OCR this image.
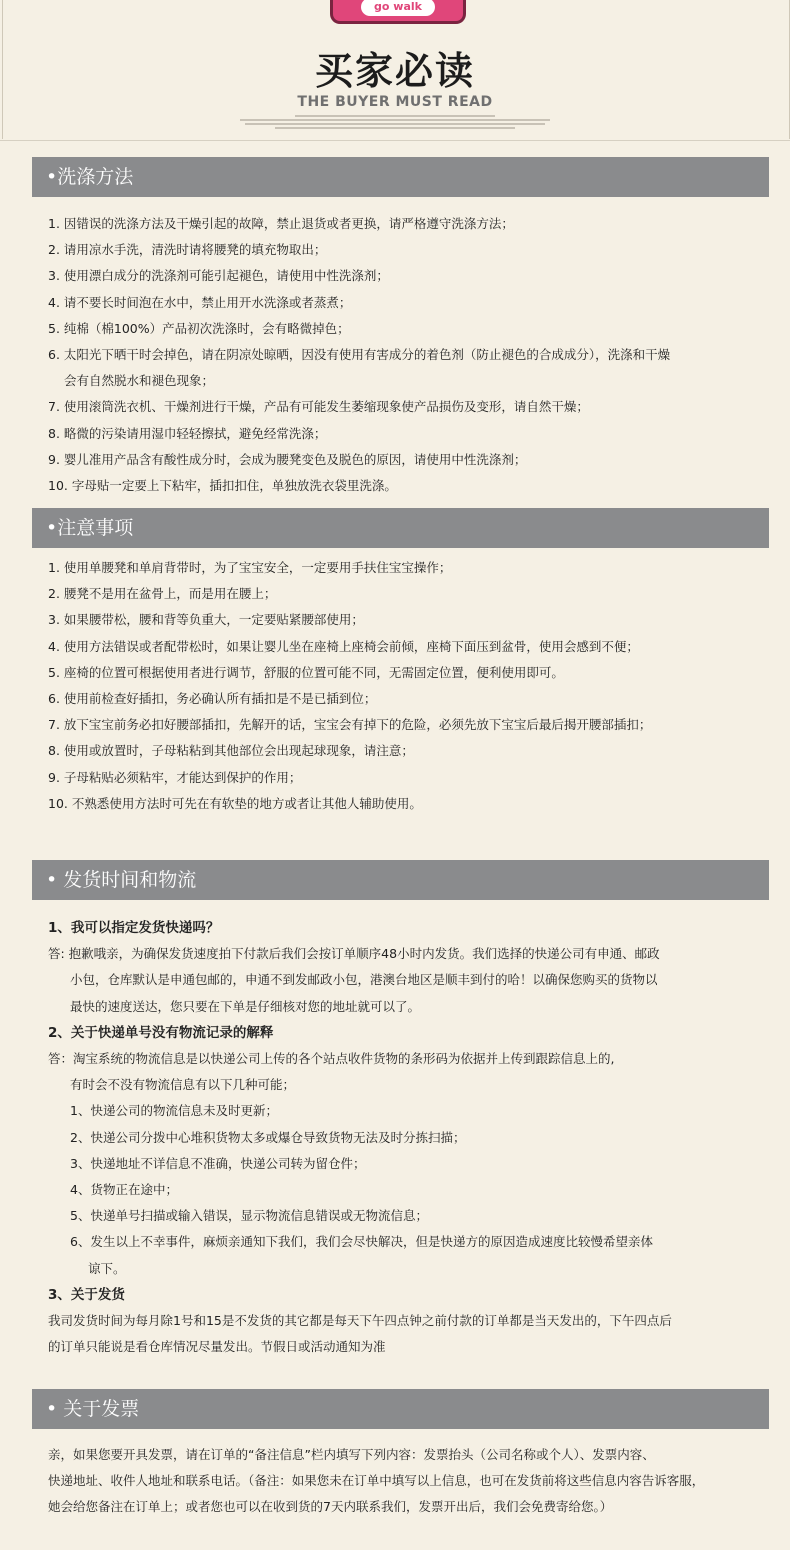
go walk
买家必读
THE BUYER MUST READ
•洗涤方法
1. 因错误的洗涤方法及干燥引起的故障，禁止退货或者更换，请严格遵守洗涤方法；
2. 请用凉水手洗，清洗时请将腰凳的填充物取出；
3. 使用漂白成分的洗涤剂可能引起褪色，请使用中性洗涤剂；
4. 请不要长时间泡在水中，禁止用开水洗涤或者蒸煮；
5. 纯棉（棉100%）产品初次洗涤时，会有略微掉色；
6. 太阳光下晒干时会掉色，请在阴凉处晾晒，因没有使用有害成分的着色剂（防止褪色的合成成分），洗涤和干燥
会有自然脱水和褪色现象；
7. 使用滚筒洗衣机、干燥剂进行干燥，产品有可能发生萎缩现象使产品损伤及变形，请自然干燥；
8. 略微的污染请用湿巾轻轻擦拭，避免经常洗涤；
9. 婴儿准用产品含有酸性成分时，会成为腰凳变色及脱色的原因，请使用中性洗涤剂；
10. 字母贴一定要上下粘牢，插扣扣住，单独放洗衣袋里洗涤。
•注意事项
1. 使用单腰凳和单肩背带时，为了宝宝安全，一定要用手扶住宝宝操作；
2. 腰凳不是用在盆骨上，而是用在腰上；
3. 如果腰带松，腰和背等负重大，一定要贴紧腰部使用；
4. 使用方法错误或者配带松时，如果让婴儿坐在座椅上座椅会前倾，座椅下面压到盆骨，使用会感到不便；
5. 座椅的位置可根据使用者进行调节，舒服的位置可能不同，无需固定位置，便利使用即可。
6. 使用前检查好插扣，务必确认所有插扣是不是已插到位；
7. 放下宝宝前务必扣好腰部插扣，先解开的话，宝宝会有掉下的危险，必须先放下宝宝后最后揭开腰部插扣；
8. 使用或放置时，子母粘粘到其他部位会出现起球现象，请注意；
9. 子母粘贴必须粘牢，才能达到保护的作用；
10. 不熟悉使用方法时可先在有软垫的地方或者让其他人辅助使用。
• 发货时间和物流

1、我可以指定发货快递吗？

答: 抱歉哦亲，为确保发货速度拍下付款后我们会按订单顺序48小时内发货。我们选择的快递公司有申通、邮政

小包，仓库默认是申通包邮的，申通不到发邮政小包，港澳台地区是顺丰到付的哈！以确保您购买的货物以

最快的速度送达，您只要在下单是仔细核对您的地址就可以了。

2、关于快递单号没有物流记录的解释

答：淘宝系统的物流信息是以快递公司上传的各个站点收件货物的条形码为依据并上传到跟踪信息上的,

有时会不没有物流信息有以下几种可能；

1、快递公司的物流信息未及时更新；

2、快递公司分拨中心堆积货物太多或爆仓导致货物无法及时分拣扫描；

3、快递地址不详信息不准确，快递公司转为留仓件；

4、货物正在途中；

5、快递单号扫描或输入错误，显示物流信息错误或无物流信息；

6、发生以上不幸事件，麻烦亲通知下我们，我们会尽快解决，但是快递方的原因造成速度比较慢希望亲体

谅下。

3、关于发货

我司发货时间为每月除1号和15是不发货的其它都是每天下午四点钟之前付款的订单都是当天发出的，下午四点后

的订单只能说是看仓库情况尽量发出。节假日或活动通知为准

• 关于发票

亲，如果您要开具发票，请在订单的“备注信息”栏内填写下列内容：发票抬头（公司名称或个人）、发票内容、

快递地址、收件人地址和联系电话。（备注：如果您未在订单中填写以上信息，也可在发货前将这些信息内容告诉客服，

她会给您备注在订单上；或者您也可以在收到货的7天内联系我们，发票开出后，我们会免费寄给您。）
